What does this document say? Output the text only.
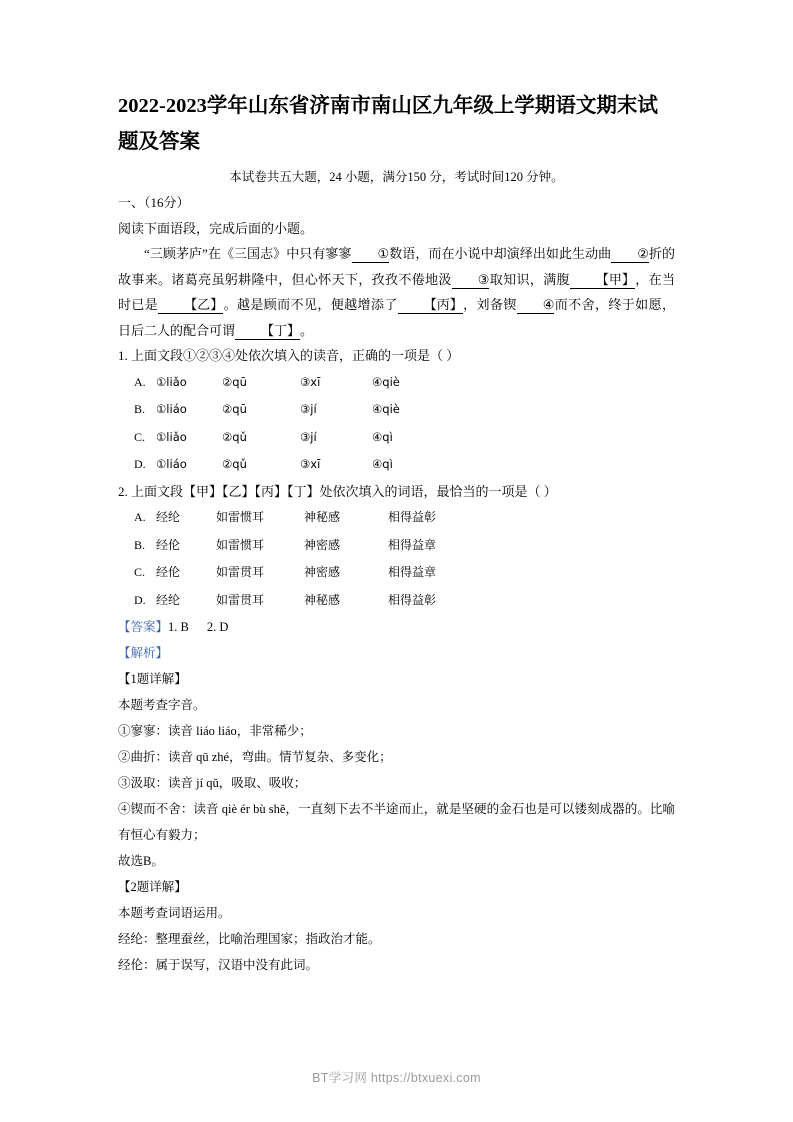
2022-2023学年山东省济南市南山区九年级上学期语文期末试题及答案

本试卷共五大题，24 小题，满分150 分，考试时间120 分钟。

一、（16分）

阅读下面语段，完成后面的小题。

“三顾茅庐”在《三国志》中只有寥寥 ①数语，而在小说中却演绎出如此生动曲 ②折的故事来。诸葛亮虽躬耕隆中，但心怀天下，孜孜不倦地汲 ③取知识，满腹 【甲】，在当时已是 【乙】。越是顾而不见，便越增添了 【丙】，刘备锲 ④而不舍，终于如愿，日后二人的配合可谓 【丁】。

1. 上面文段①②③④处依次填入的读音，正确的一项是（ ）

A. ①liǎo	②qū	③xī	④qiè

B. ①liáo	②qū	③jí	④qiè

C. ①liǎo	②qǔ	③jí	④qì

D. ①liáo	②qǔ	③xī	④qì

2. 上面文段【甲】【乙】【丙】【丁】处依次填入的词语，最恰当的一项是（ ）

A. 经纶	如雷惯耳	神秘感	相得益彰

B. 经伦	如雷惯耳	神密感	相得益章

C. 经伦	如雷贯耳	神密感	相得益章

D. 经纶	如雷贯耳	神秘感	相得益彰

【答案】1. B 2. D

【解析】

【1题详解】

本题考查字音。

①寥寥：读音 liáo liáo，非常稀少；

②曲折：读音 qū zhé，弯曲。情节复杂、多变化；

③汲取：读音 jí qǔ，吸取、吸收；

④锲而不舍：读音 qiè ér bù shě，一直刻下去不半途而止，就是坚硬的金石也是可以镂刻成器的。比喻有恒心有毅力；

故选B。

【2题详解】

本题考查词语运用。

经纶：整理蚕丝，比喻治理国家；指政治才能。

经伦：属于误写，汉语中没有此词。

BT学习网 https://btxuexi.com
